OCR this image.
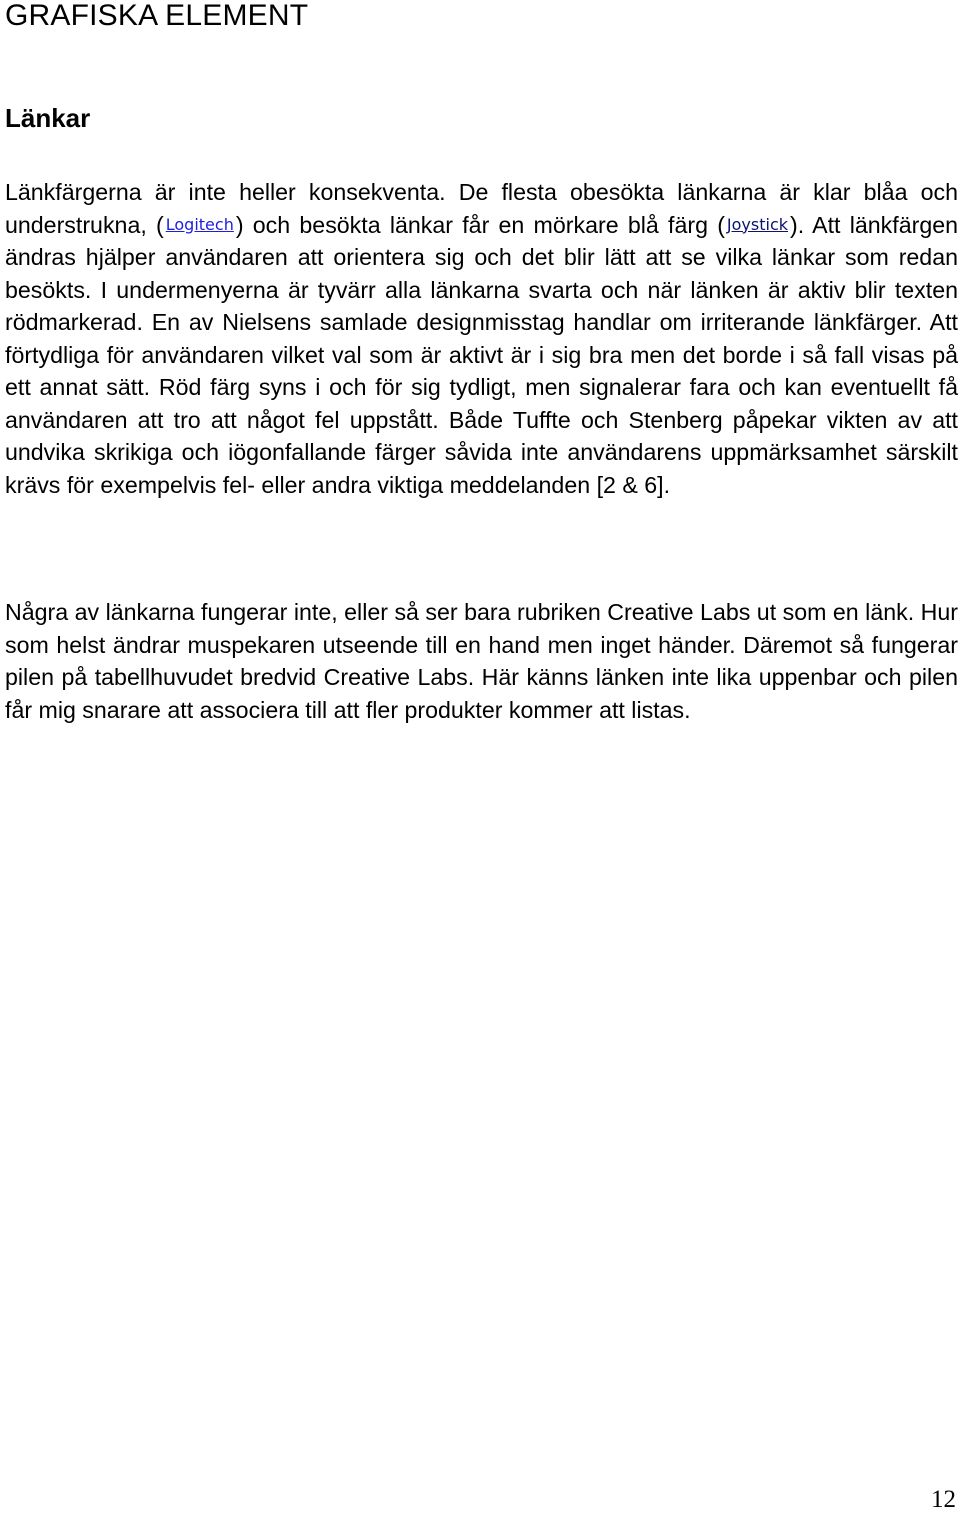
GRAFISKA ELEMENT
Länkar

Länkfärgerna är inte heller konsekventa. De flesta obesökta länkarna är klar blåa och understrukna, ( Logitech) och besökta länkar får en mörkare blå färg ( Joystick). Att länkfärgen ändras hjälper användaren att orientera sig och det blir lätt att se vilka länkar som redan besökts. I undermenyerna är tyvärr alla länkarna svarta och när länken är aktiv blir texten rödmarkerad. En av Nielsens samlade designmisstag handlar om irriterande länkfärger. Att förtydliga för användaren vilket val som är aktivt är i sig bra men det borde i så fall visas på ett annat sätt. Röd färg syns i och för sig tydligt, men signalerar fara och kan eventuellt få användaren att tro att något fel uppstått. Både Tuffte och Stenberg påpekar vikten av att undvika skrikiga och iögonfallande färger såvida inte användarens uppmärksamhet särskilt krävs för exempelvis fel- eller andra viktiga meddelanden [2 & 6].

Några av länkarna fungerar inte, eller så ser bara rubriken Creative Labs ut som en länk. Hur som helst ändrar muspekaren utseende till en hand men inget händer. Däremot så fungerar pilen på tabellhuvudet bredvid Creative Labs. Här känns länken inte lika uppenbar och pilen får mig snarare att associera till att fler produkter kommer att listas.

12
